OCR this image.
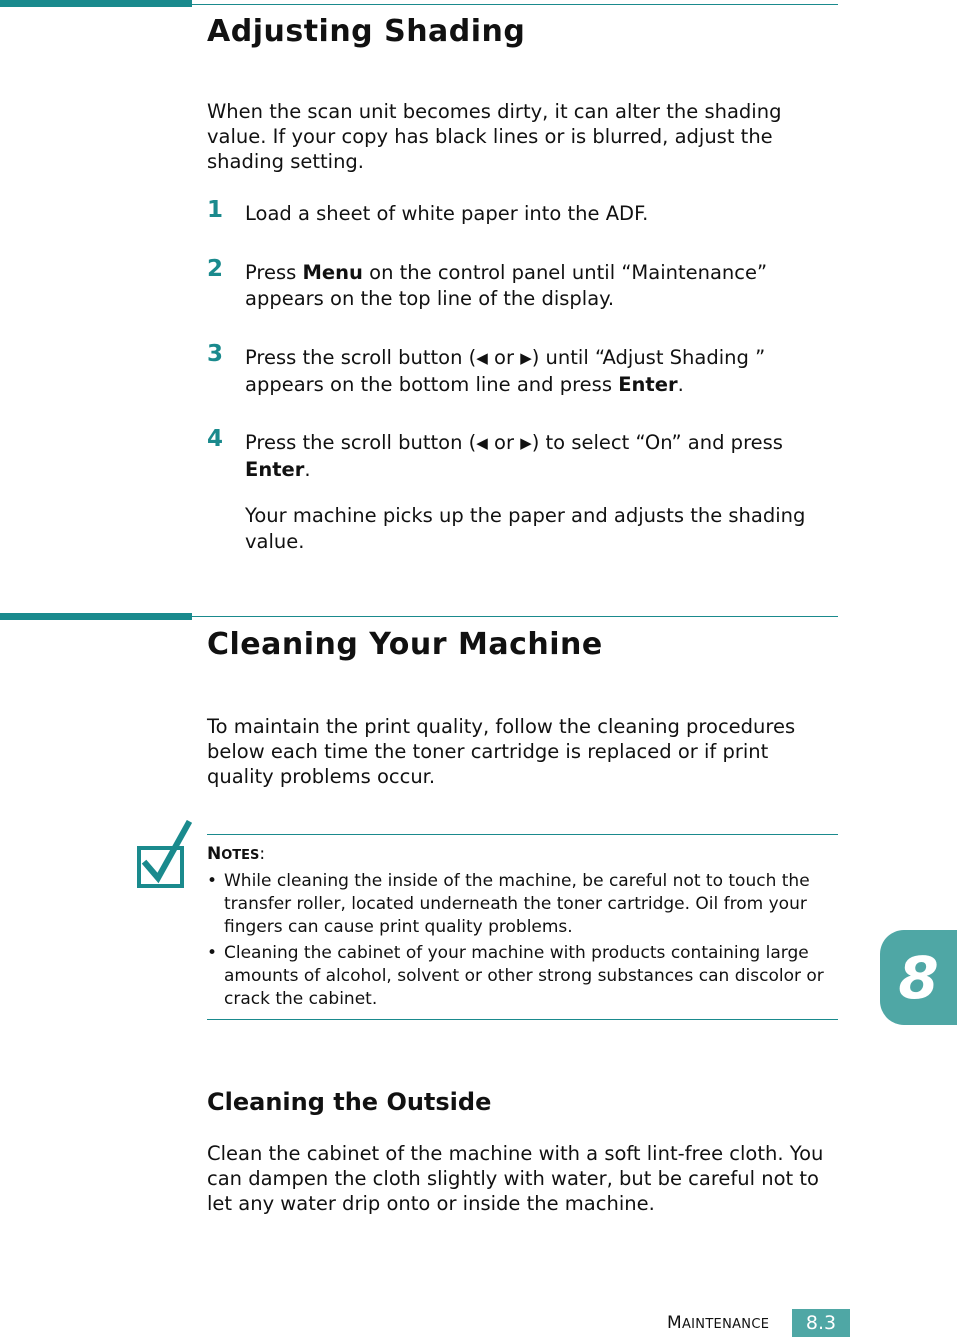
Adjusting Shading

When the scan unit becomes dirty, it can alter the shading value. If your copy has black lines or is blurred, adjust the shading setting.

1 Load a sheet of white paper into the ADF.

2 Press Menu on the control panel until “Maintenance” appears on the top line of the display.

3 Press the scroll button (◀ or ▶) until “Adjust Shading ” appears on the bottom line and press Enter.

4 Press the scroll button (◀ or ▶) to select “On” and press Enter.

Your machine picks up the paper and adjusts the shading value.

Cleaning Your Machine

To maintain the print quality, follow the cleaning procedures below each time the toner cartridge is replaced or if print quality problems occur.

NOTES:

• While cleaning the inside of the machine, be careful not to touch the transfer roller, located underneath the toner cartridge. Oil from your fingers can cause print quality problems.

• Cleaning the cabinet of your machine with products containing large amounts of alcohol, solvent or other strong substances can discolor or crack the cabinet.

Cleaning the Outside

Clean the cabinet of the machine with a soft lint-free cloth. You can dampen the cloth slightly with water, but be careful not to let any water drip onto or inside the machine.

8
MAINTENANCE	8.3
